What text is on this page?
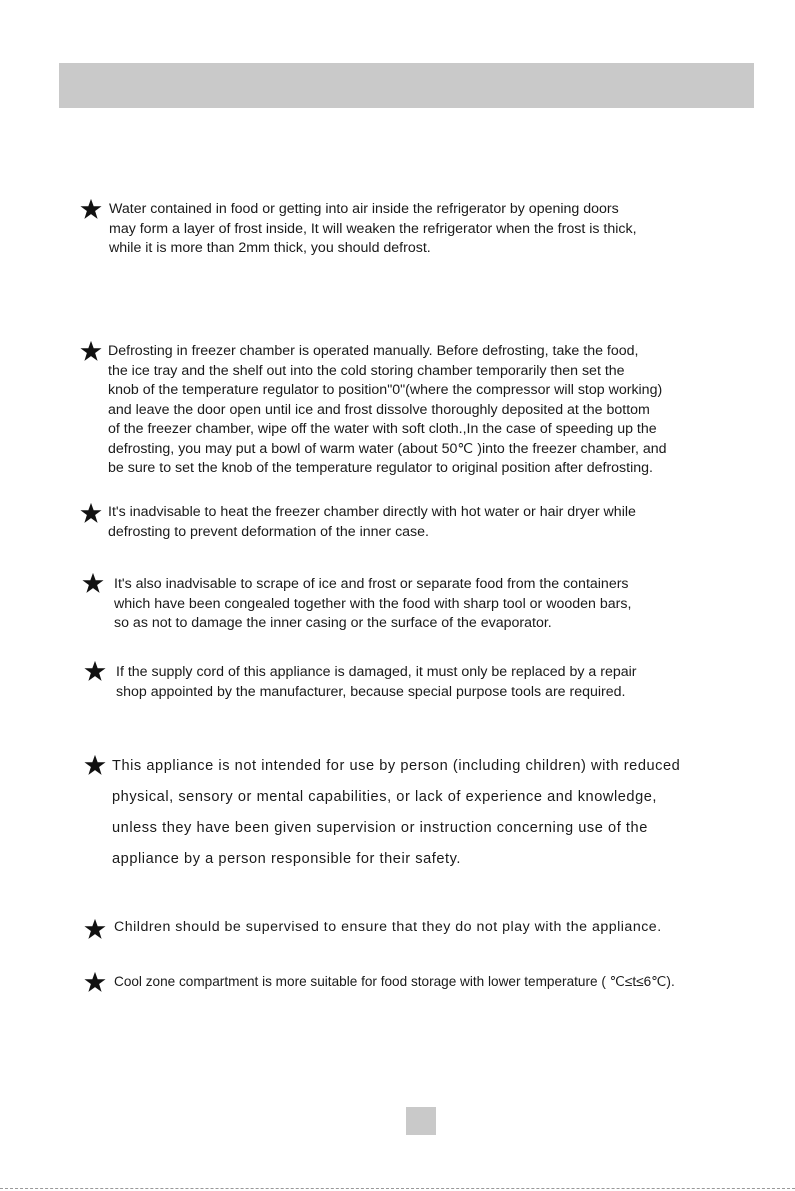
Water contained in food or getting into air inside the refrigerator by opening doors
may form a layer of frost inside, It will weaken the refrigerator when the frost is thick,
while it is more than 2mm thick, you should defrost.
Defrosting in freezer chamber is operated manually. Before defrosting, take the food,
the ice tray and the shelf out into the cold storing chamber temporarily then set the
knob of the temperature regulator to position"0"(where the compressor will stop working)
and leave the door open until ice and frost dissolve thoroughly deposited at the bottom
of the freezer chamber, wipe off the water with soft cloth.,In the case of speeding up the
defrosting, you may put a bowl of warm water (about 50℃ )into the freezer chamber, and
be sure to set the knob of the temperature regulator to original position after defrosting.
It's inadvisable to heat the freezer chamber directly with hot water or hair dryer while
defrosting to prevent deformation of the inner case.
It's also inadvisable to scrape of ice and frost or separate food from the containers
which have been congealed together with the food with sharp tool or wooden bars,
so as not to damage the inner casing or the surface of the evaporator.
If the supply cord of this appliance is damaged, it must only be replaced by a repair
shop appointed by the manufacturer, because special purpose tools are required.
This appliance is not intended for use by person (including children) with reduced
physical, sensory or mental capabilities, or lack of experience and knowledge,
unless they have been given supervision or instruction concerning use of the
appliance by a person responsible for their safety.
Children should be supervised to ensure that they do not play with the appliance.
Cool zone compartment is more suitable for food storage with lower temperature ( ℃≤t≤6℃).
